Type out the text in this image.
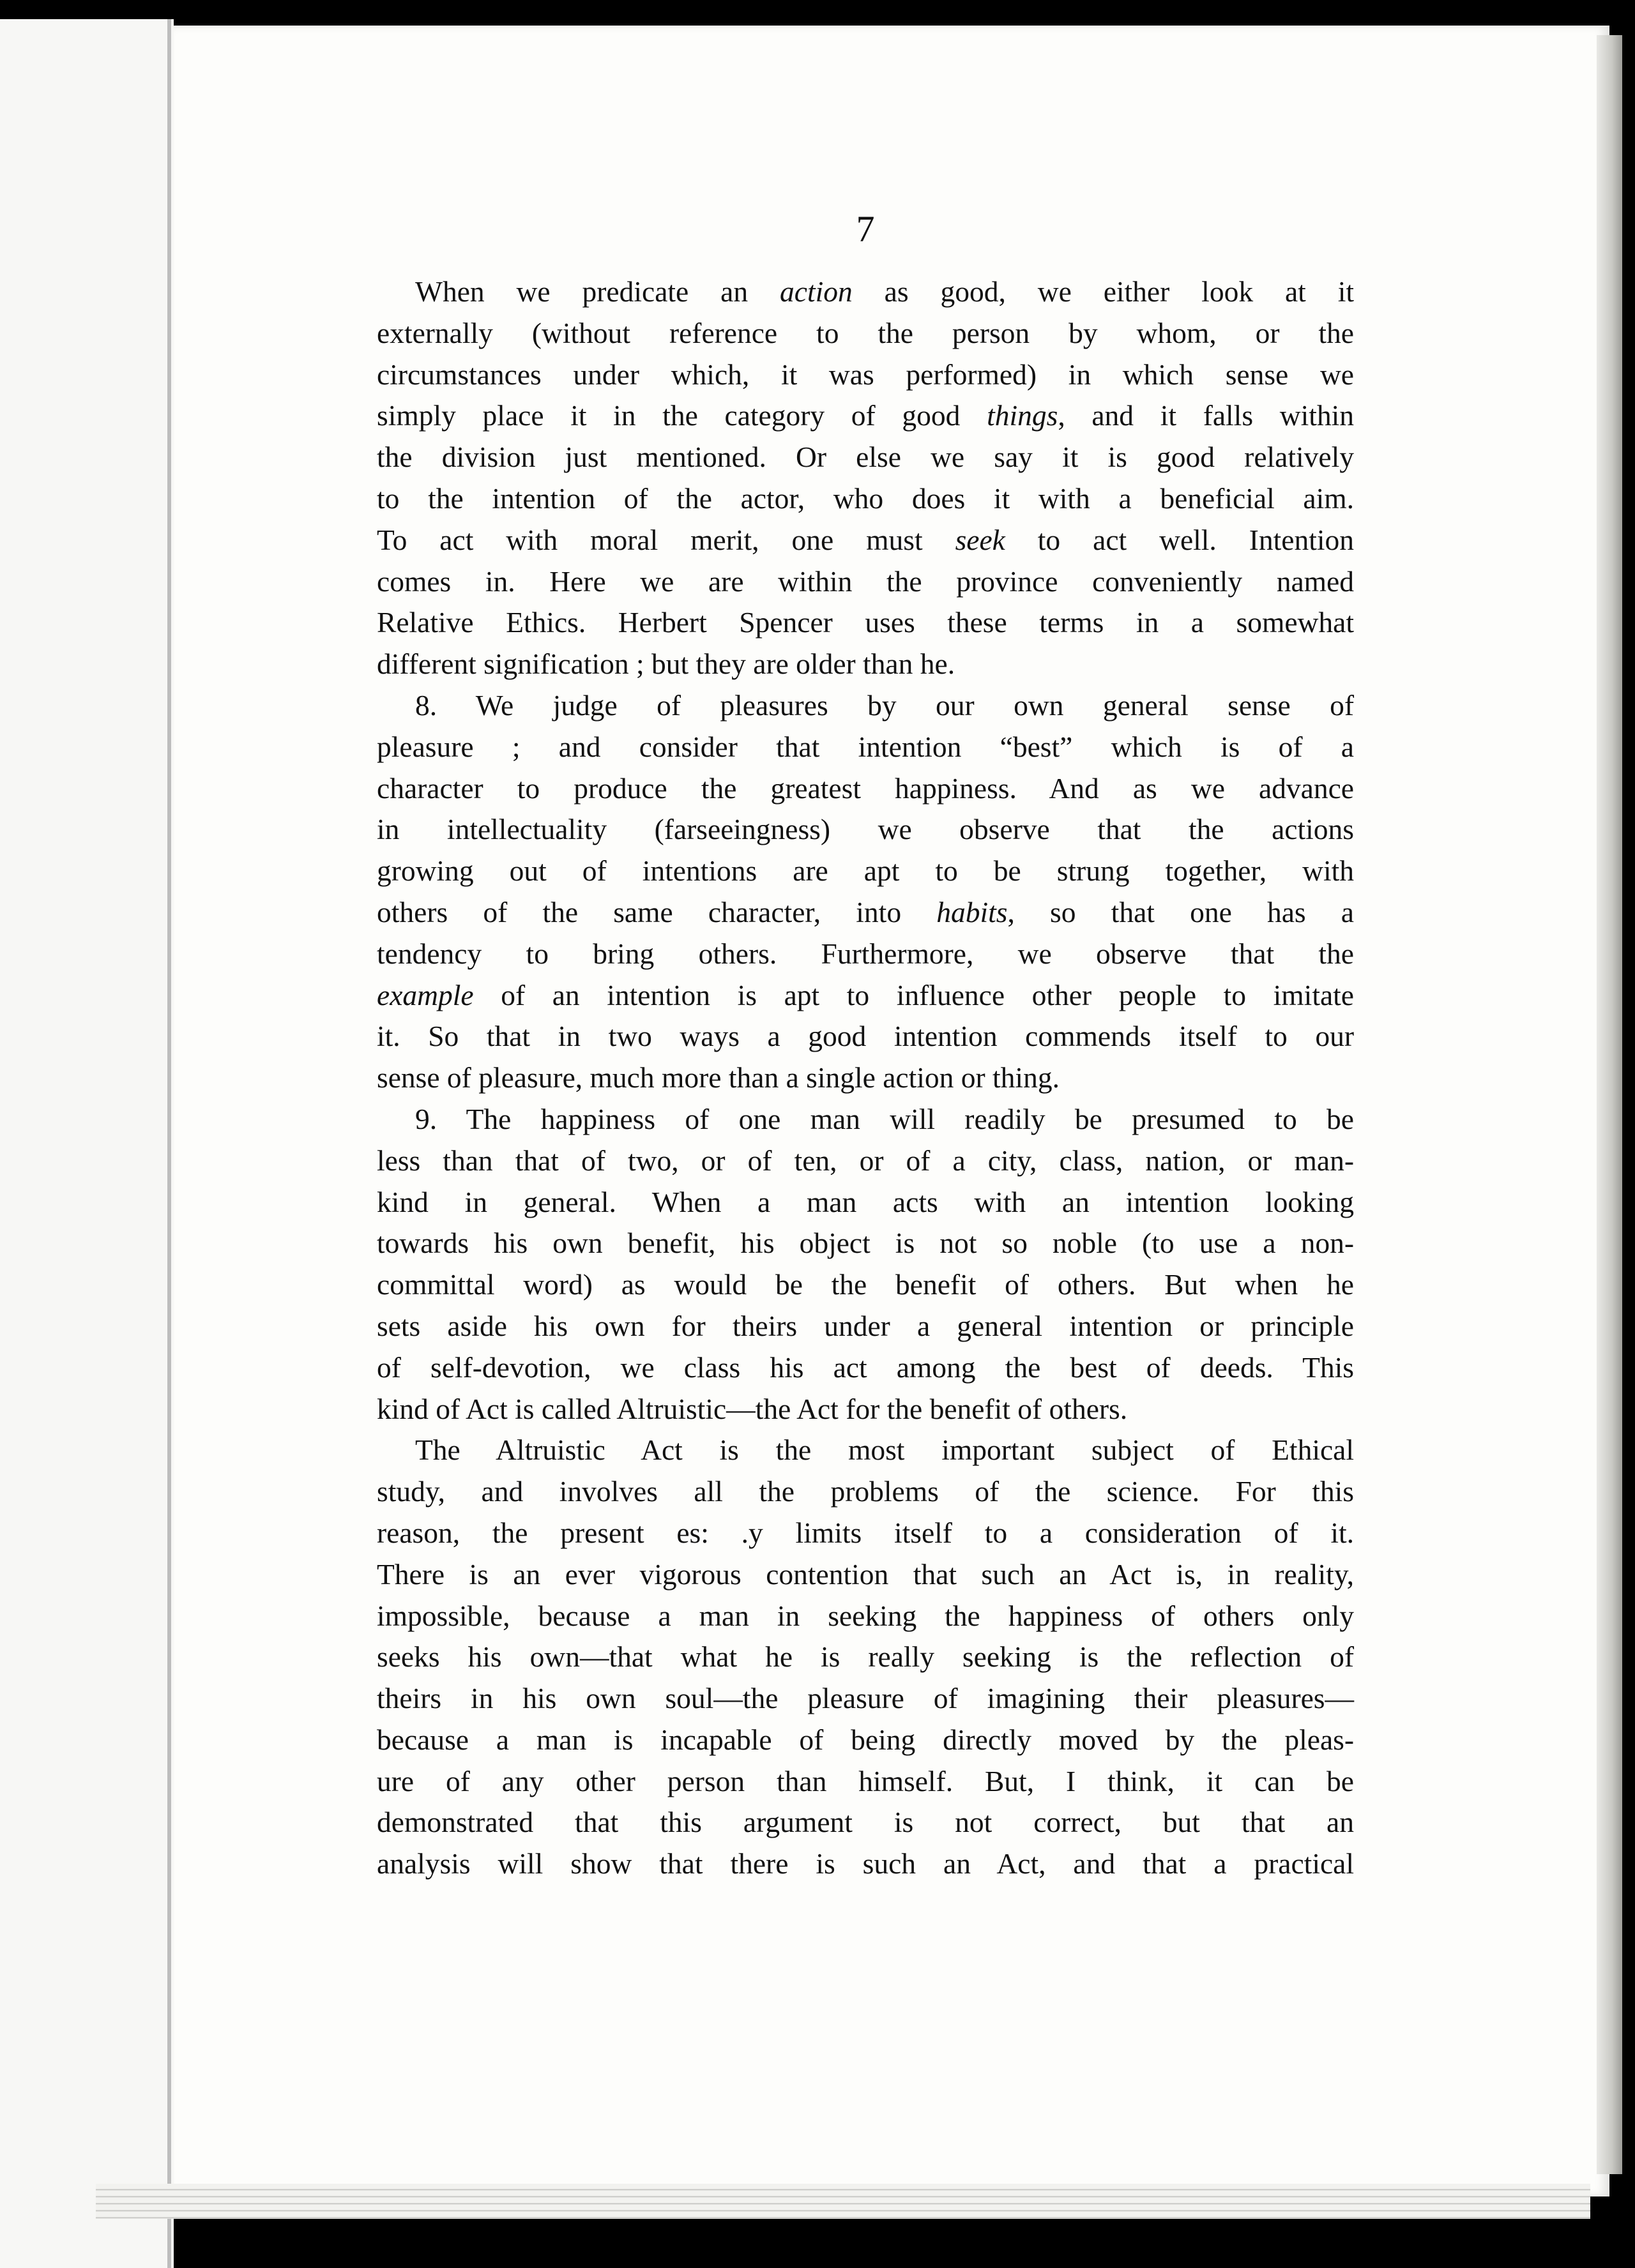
7
When we predicate an action as good, we either look at it
externally (without reference to the person by whom, or the
circumstances under which, it was performed) in which sense we
simply place it in the category of good things, and it falls within
the division just mentioned. Or else we say it is good relatively
to the intention of the actor, who does it with a beneficial aim.
To act with moral merit, one must seek to act well. Intention
comes in. Here we are within the province conveniently named
Relative Ethics. Herbert Spencer uses these terms in a somewhat
different signification ; but they are older than he.
8. We judge of pleasures by our own general sense of
pleasure ; and consider that intention “best” which is of a
character to produce the greatest happiness. And as we advance
in intellectuality (farseeingness) we observe that the actions
growing out of intentions are apt to be strung together, with
others of the same character, into habits, so that one has a
tendency to bring others. Furthermore, we observe that the
example of an intention is apt to influence other people to imitate
it. So that in two ways a good intention commends itself to our
sense of pleasure, much more than a single action or thing.
9. The happiness of one man will readily be presumed to be
less than that of two, or of ten, or of a city, class, nation, or man-
kind in general. When a man acts with an intention looking
towards his own benefit, his object is not so noble (to use a non-
committal word) as would be the benefit of others. But when he
sets aside his own for theirs under a general intention or principle
of self-devotion, we class his act among the best of deeds. This
kind of Act is called Altruistic—the Act for the benefit of others.
The Altruistic Act is the most important subject of Ethical
study, and involves all the problems of the science. For this
reason, the present es: .y limits itself to a consideration of it.
There is an ever vigorous contention that such an Act is, in reality,
impossible, because a man in seeking the happiness of others only
seeks his own—that what he is really seeking is the reflection of
theirs in his own soul—the pleasure of imagining their pleasures—
because a man is incapable of being directly moved by the pleas-
ure of any other person than himself. But, I think, it can be
demonstrated that this argument is not correct, but that an
analysis will show that there is such an Act, and that a practical
